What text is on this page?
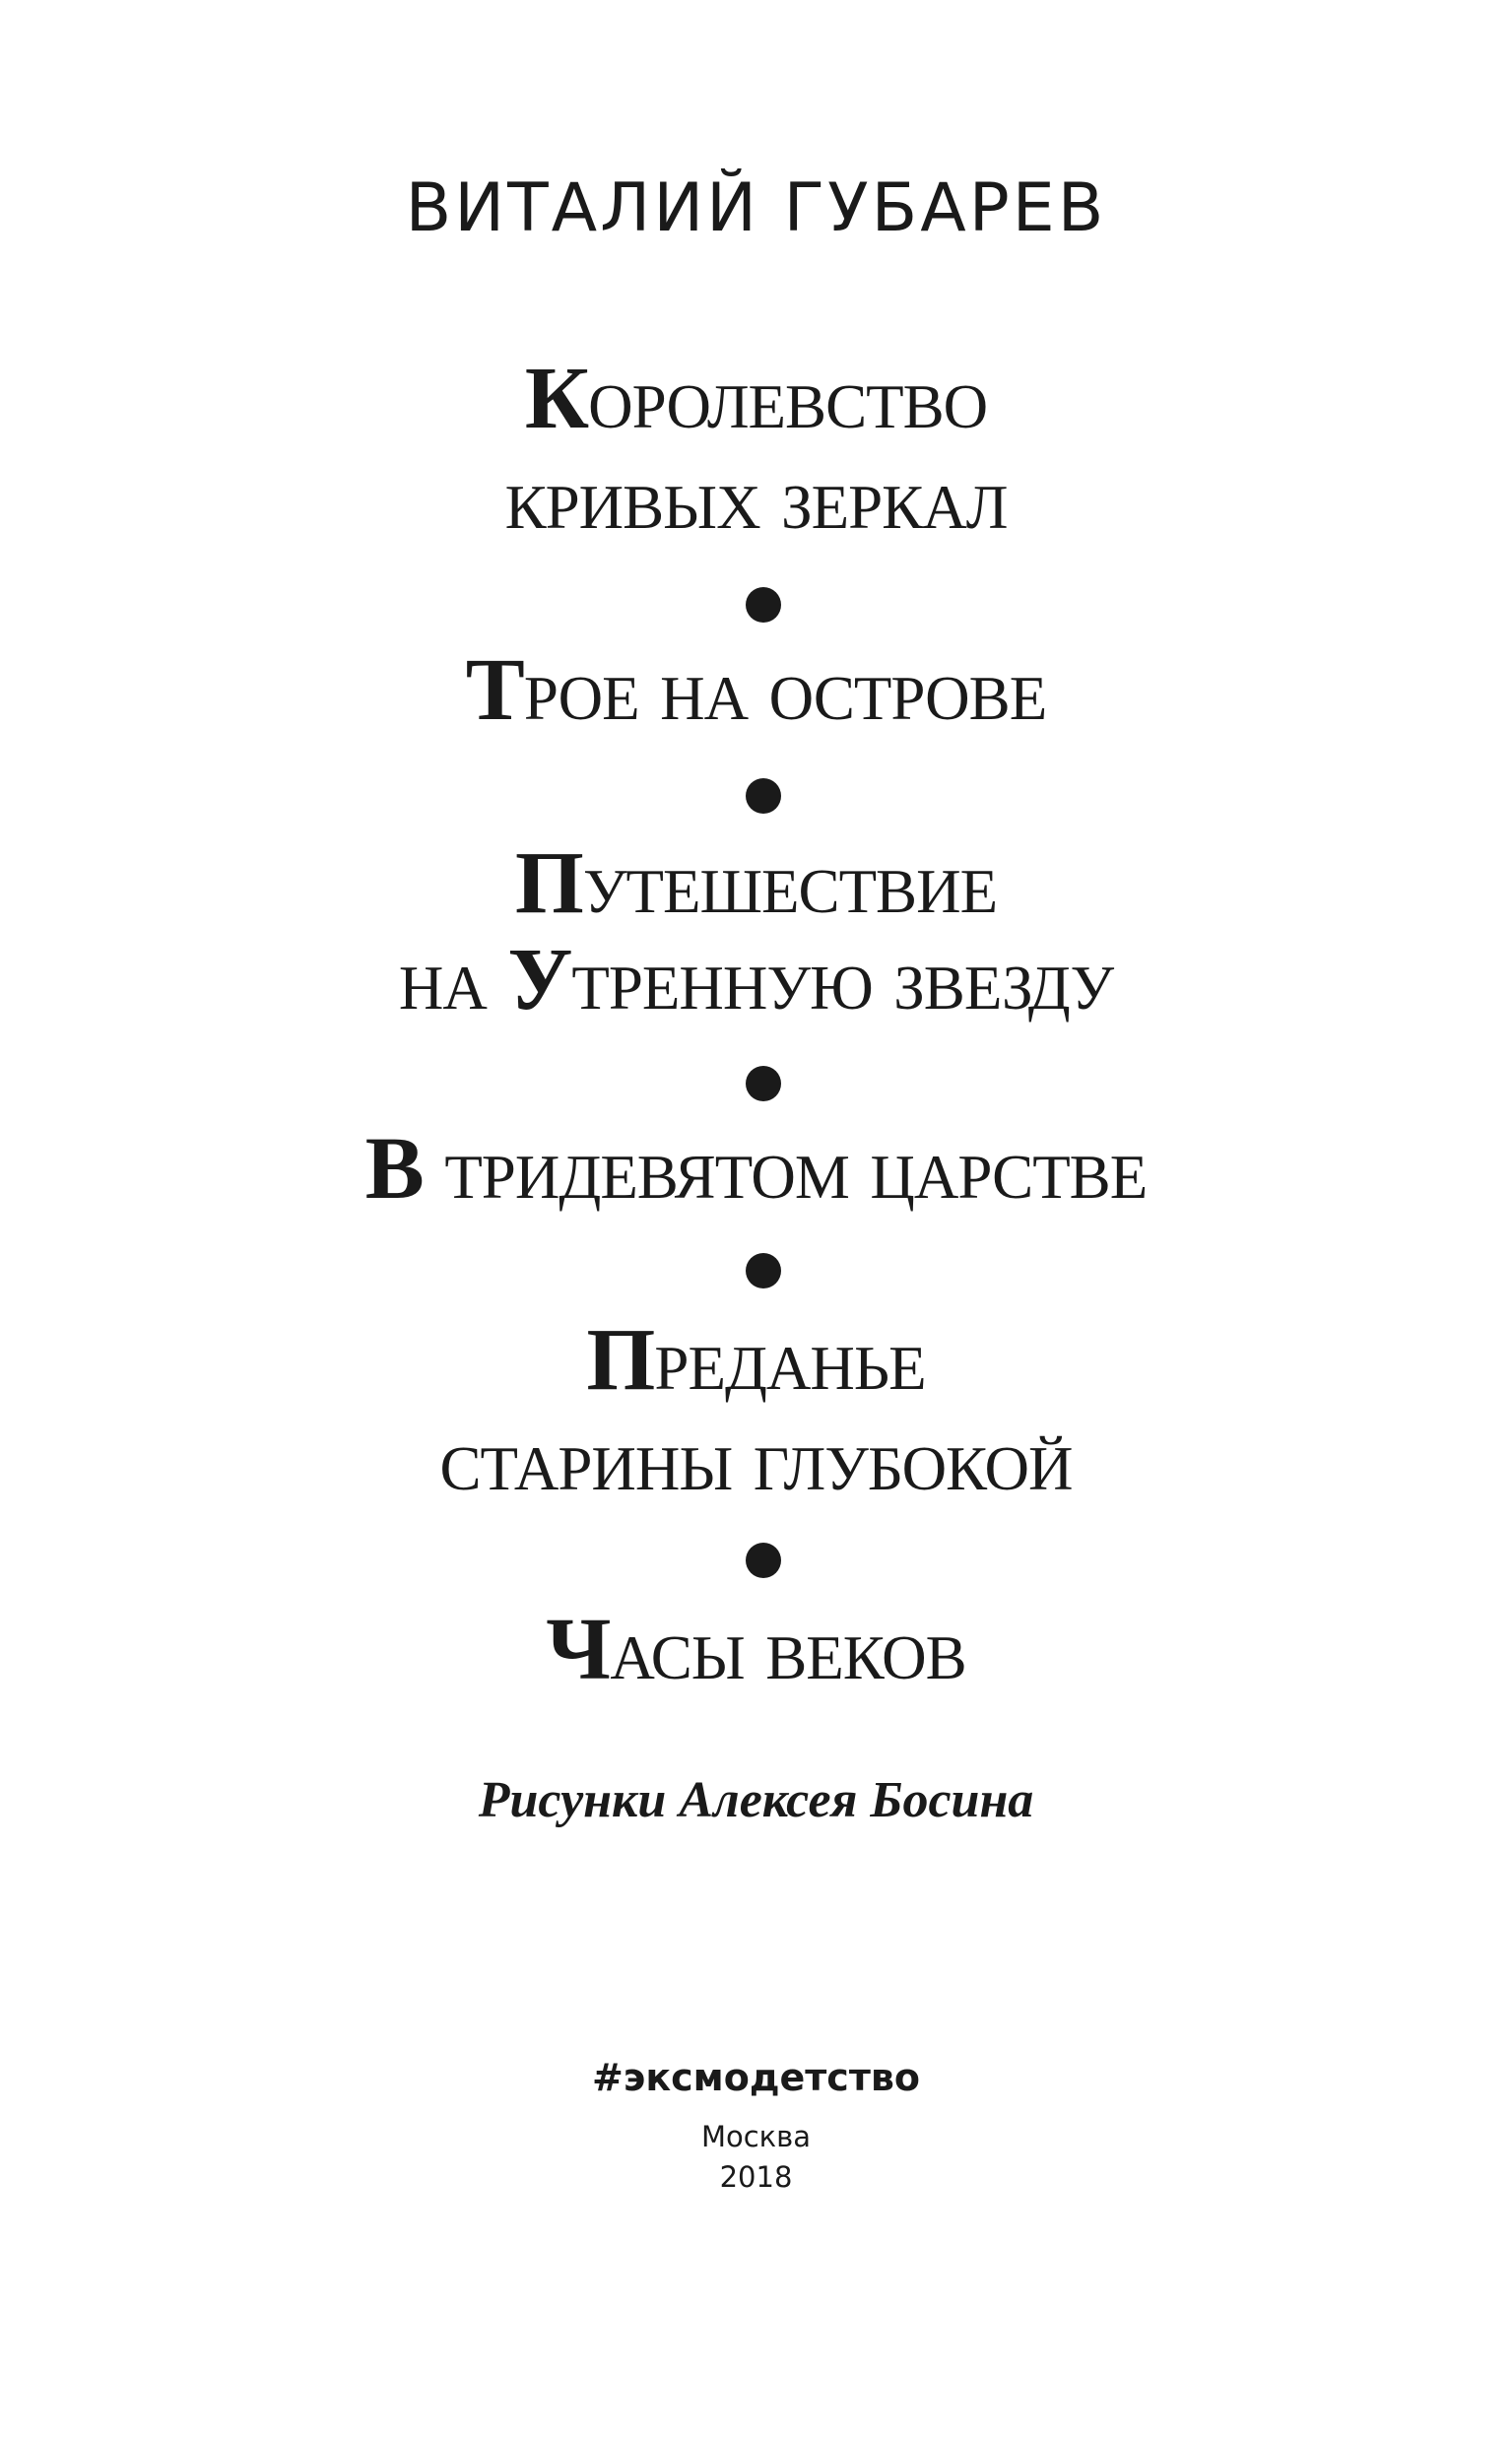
ВИТАЛИЙ ГУБАРЕВ
Королевство
кривых зеркал
Трое на острове
Путешествие
на Утренную звезду
В тридевятом царстве
Преданье
старины глубокой
Часы веков
Рисунки Алексея Босина
#эксмодетство
Москва
2018
